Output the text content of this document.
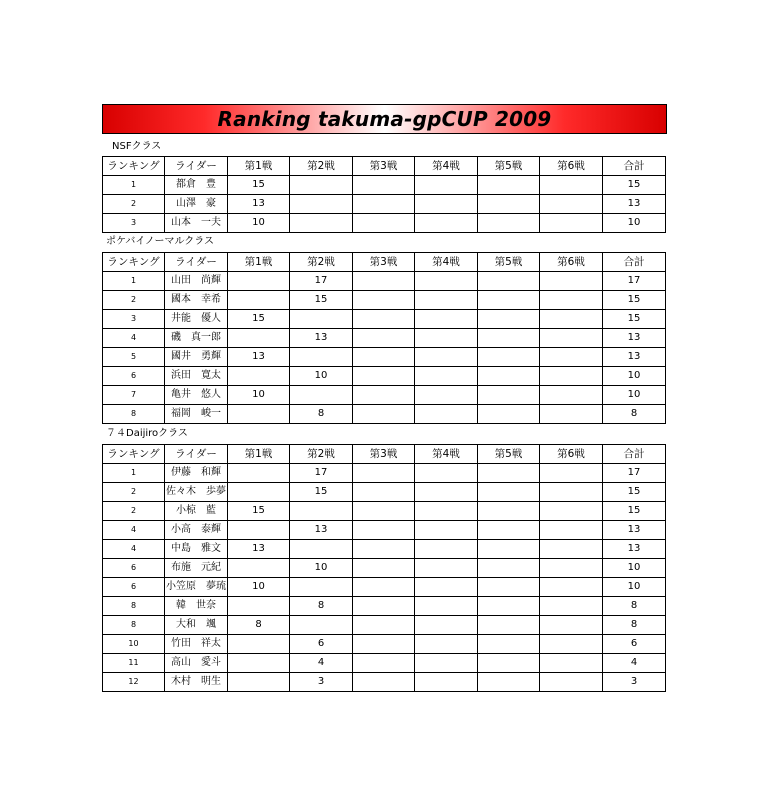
Ranking takuma-gpCUP 2009
NSFクラス
ランキング	ライダー	第1戦	第2戦	第3戦	第4戦	第5戦	第6戦	合計
1	都倉　豊	15						15
2	山澤　豪	13						13
3	山本　一夫	10						10
ポケバイノーマルクラス
ランキング	ライダー	第1戦	第2戦	第3戦	第4戦	第5戦	第6戦	合計
1	山田　尚輝		17					17
2	國本　幸希		15					15
3	井能　優人	15						15
4	磯　真一郎		13					13
5	國井　勇輝	13						13
6	浜田　寛太		10					10
7	亀井　悠人	10						10
8	福岡　峻一		8					8
７４Daijiroクラス
ランキング	ライダー	第1戦	第2戦	第3戦	第4戦	第5戦	第6戦	合計
1	伊藤　和輝		17					17
2	佐々木　歩夢		15					15
2	小椋　藍	15						15
4	小高　泰輝		13					13
4	中島　雅文	13						13
6	布施　元紀		10					10
6	小笠原　夢琉	10						10
8	韓　世奈		8					8
8	大和　颯	8						8
10	竹田　祥太		6					6
11	高山　愛斗		4					4
12	木村　明生		3					3
